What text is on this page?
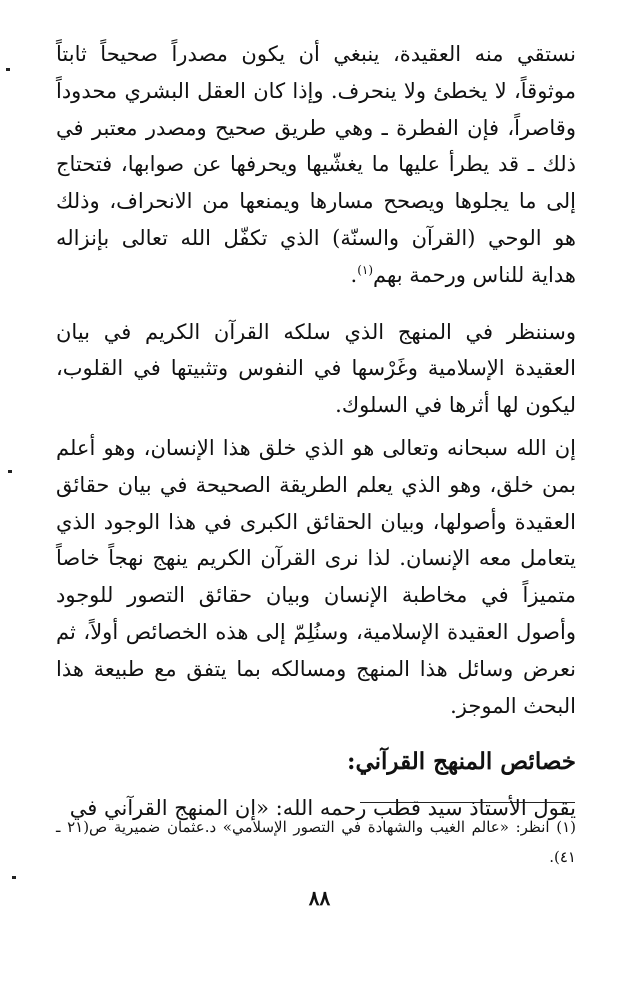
نستقي منه العقيدة، ينبغي أن يكون مصدراً صحيحاً ثابتاً موثوقاً، لا يخطئ ولا ينحرف. وإذا كان العقل البشري محدوداً وقاصراً، فإن الفطرة ـ وهي طريق صحيح ومصدر معتبر في ذلك ـ قد يطرأ عليها ما يغشّيها ويحرفها عن صوابها، فتحتاج إلى ما يجلوها ويصحح مسارها ويمنعها من الانحراف، وذلك هو الوحي (القرآن والسنّة) الذي تكفّل الله تعالى بإنزاله هداية للناس ورحمة بهم$^{(١)}$.

وسننظر في المنهج الذي سلكه القرآن الكريم في بيان العقيدة الإسلامية وغَرْسها في النفوس وتثبيتها في القلوب، ليكون لها أثرها في السلوك.

إن الله سبحانه وتعالى هو الذي خلق هذا الإنسان، وهو أعلم بمن خلق، وهو الذي يعلم الطريقة الصحيحة في بيان حقائق العقيدة وأصولها، وبيان الحقائق الكبرى في هذا الوجود الذي يتعامل معه الإنسان. لذا نرى القرآن الكريم ينهج نهجاً خاصاً متميزاً في مخاطبة الإنسان وبيان حقائق التصور للوجود وأصول العقيدة الإسلامية، وسنُلِمّ إلى هذه الخصائص أولاً، ثم نعرض وسائل هذا المنهج ومسالكه بما يتفق مع طبيعة هذا البحث الموجز.

خصائص المنهج القرآني:

يقول الأستاذ سيد قطب رحمه الله: «إن المنهج القرآني في

(١) انظر: «عالم الغيب والشهادة في التصور الإسلامي» د.عثمان ضميرية ص(٢١ ـ ٤١).
٨٨
